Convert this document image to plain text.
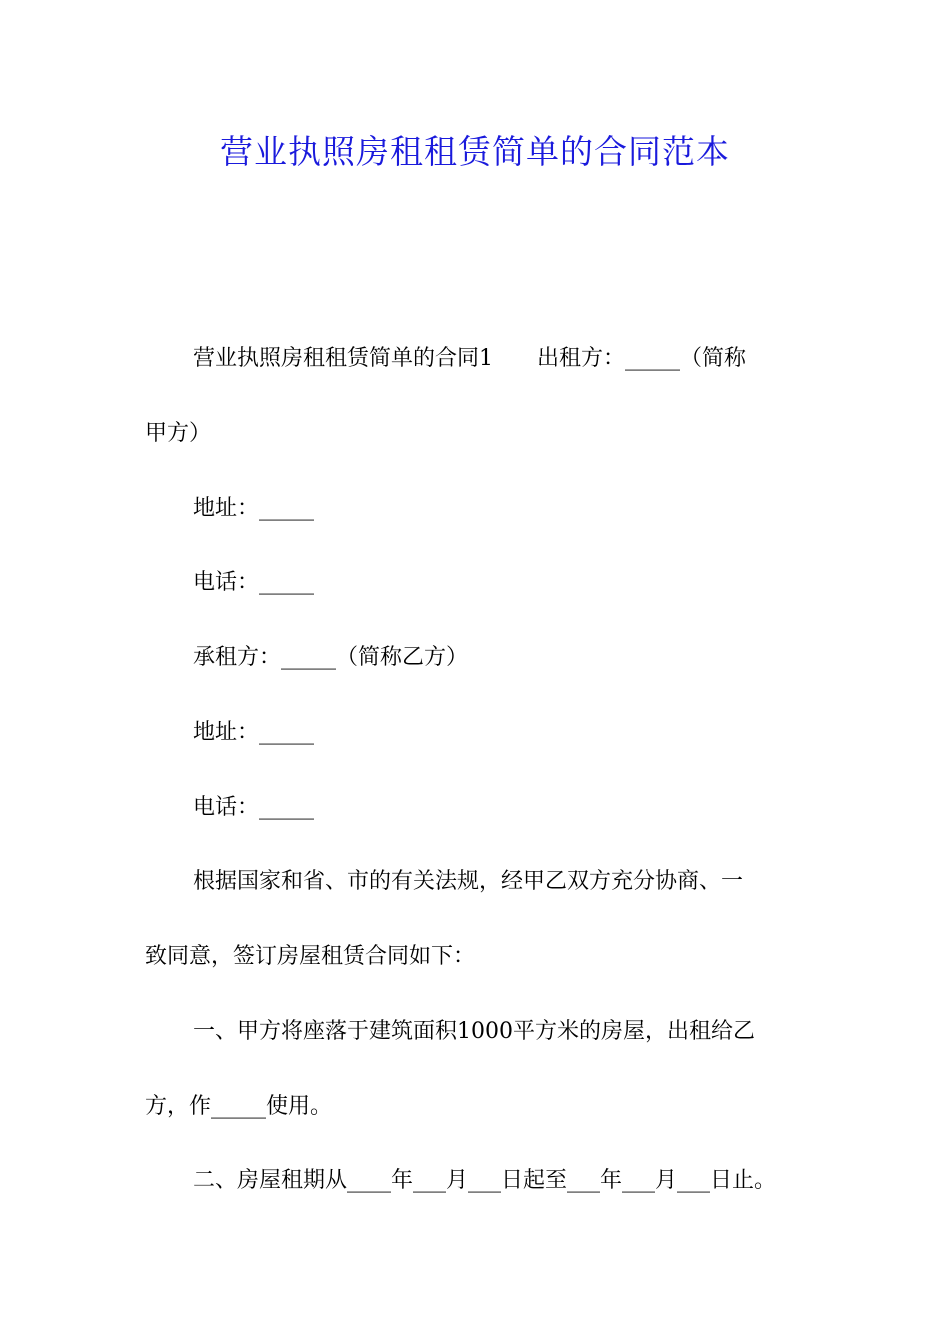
营业执照房租租赁简单的合同范本

营业执照房租租赁简单的合同1　　出租方：_____（简称

甲方）

地址：_____

电话：_____

承租方：_____（简称乙方）

地址：_____

电话：_____

根据国家和省、市的有关法规，经甲乙双方充分协商、一

致同意，签订房屋租赁合同如下：

一、甲方将座落于建筑面积1000平方米的房屋，出租给乙

方，作_____使用。

二、房屋租期从____年___月___日起至___年___月___日止。
